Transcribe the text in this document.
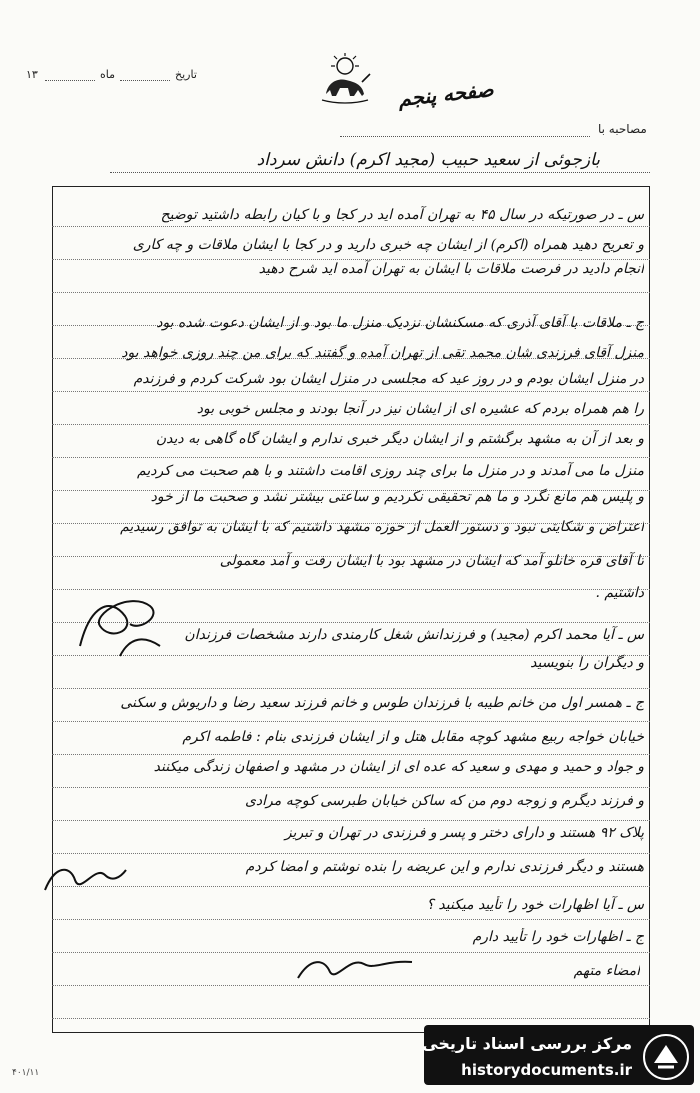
تاریخ
ماه
۱۳
صفحه پنجم
مصاحبه با
بازجوئی از سعید حبیب (مجید اکرم) دانش سرداد
س ـ در صورتیکه در سال ۴۵ به تهران آمده اید در کجا و با کیان رابطه داشتید توضیح
و تعریح دهید همراه (اکرم) از ایشان چه خبری دارید و در کجا با ایشان ملاقات و چه کاری
انجام دادید در فرصت ملاقات با ایشان به تهران آمده اید شرح دهید
ج ـ ملاقات با آقای آذری که مسکنشان نزدیک منزل ما بود و از ایشان دعوت شده بود
منزل آقای فرزندی شان محمد تقی از تهران آمده و گفتند که برای من چند روزی خواهد بود
در منزل ایشان بودم و در روز عید که مجلسی در منزل ایشان بود شرکت کردم و فرزندم
را هم همراه بردم که عشیره ای از ایشان نیز در آنجا بودند و مجلس خوبی بود
و بعد از آن به مشهد برگشتم و از ایشان دیگر خبری ندارم و ایشان گاه گاهی به دیدن
منزل ما می آمدند و در منزل ما برای چند روزی اقامت داشتند و با هم صحبت می کردیم
و پلیس هم مانع نگرد و ما هم تحقیقی نکردیم و ساعتی بیشتر نشد و صحبت ما از خود
اعتراض و شکایتی نبود و دستور العمل از حوزه مشهد داشتیم که با ایشان به توافق رسیدیم
تا آقای قره خانلو آمد که ایشان در مشهد بود با ایشان رفت و آمد معمولی
داشتیم .
س ـ آیا محمد اکرم (مجید) و فرزندانش شغل کارمندی دارند مشخصات فرزندان
و دیگران را بنویسید
ج ـ همسر اول من خانم طیبه با فرزندان طوس و خانم فرزند سعید رضا و داریوش و سکنی
خیابان خواجه ربیع مشهد کوچه مقابل هتل و از ایشان فرزندی بنام : فاطمه اکرم
و جواد و حمید و مهدی و سعید که عده ای از ایشان در مشهد و اصفهان زندگی میکنند
و فرزند دیگرم و زوجه دوم من که ساکن خیابان طبرسی کوچه مرادی
پلاک ۹۲ هستند و دارای دختر و پسر و فرزندی در تهران و تبریز
هستند و دیگر فرزندی ندارم و این عریضه را بنده نوشتم و امضا کردم
س ـ آیا اظهارات خود را تأیید میکنید ؟
ج ـ اظهارات خود را تأیید دارم
امضاء متهم
۴۰۱/۱۱
مرکز بررسی اسناد تاریخی
historydocuments.ir
